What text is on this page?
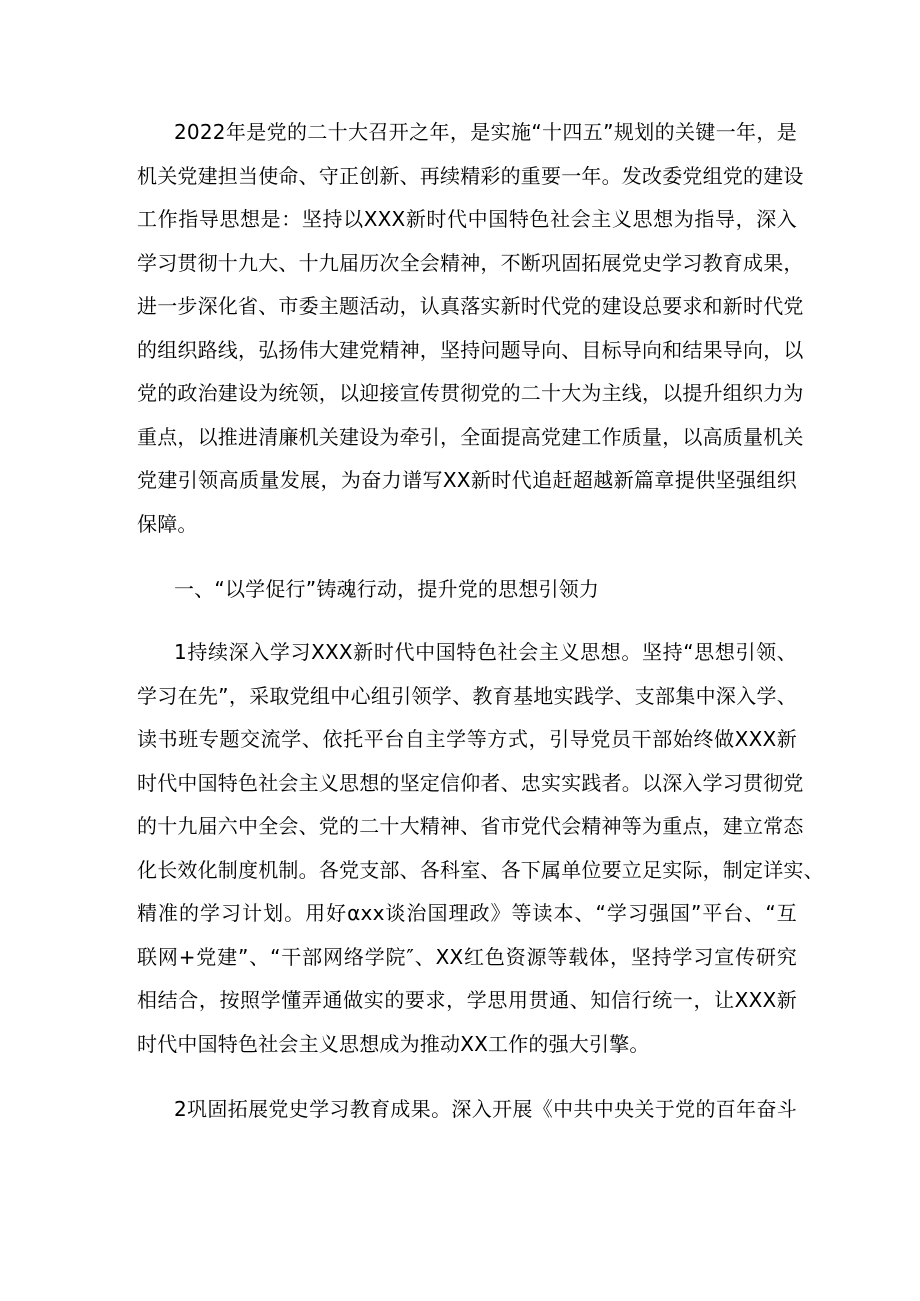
2022年是党的二十大召开之年，是实施“十四五”规划的关键一年，是
机关党建担当使命、守正创新、再续精彩的重要一年。发改委党组党的建设
工作指导思想是：坚持以XXX新时代中国特色社会主义思想为指导，深入
学习贯彻十九大、十九届历次全会精神，不断巩固拓展党史学习教育成果，
进一步深化省、市委主题活动，认真落实新时代党的建设总要求和新时代党
的组织路线，弘扬伟大建党精神，坚持问题导向、目标导向和结果导向，以
党的政治建设为统领，以迎接宣传贯彻党的二十大为主线，以提升组织力为
重点，以推进清廉机关建设为牵引，全面提高党建工作质量，以高质量机关
党建引领高质量发展，为奋力谱写XX新时代追赶超越新篇章提供坚强组织
保障。
一、“以学促行”铸魂行动，提升党的思想引领力
1持续深入学习XXX新时代中国特色社会主义思想。坚持“思想引领、
学习在先”，采取党组中心组引领学、教育基地实践学、支部集中深入学、
读书班专题交流学、依托平台自主学等方式，引导党员干部始终做XXX新
时代中国特色社会主义思想的坚定信仰者、忠实实践者。以深入学习贯彻党
的十九届六中全会、党的二十大精神、省市党代会精神等为重点，建立常态
化长效化制度机制。各党支部、各科室、各下属单位要立足实际，制定详实、
精准的学习计划。用好αxx谈治国理政》等读本、“学习强国”平台、“互
联网+党建”、“干部网络学院″、XX红色资源等载体，坚持学习宣传研究
相结合，按照学懂弄通做实的要求，学思用贯通、知信行统一，让XXX新
时代中国特色社会主义思想成为推动XX工作的强大引擎。
2巩固拓展党史学习教育成果。深入开展《中共中央关于党的百年奋斗
